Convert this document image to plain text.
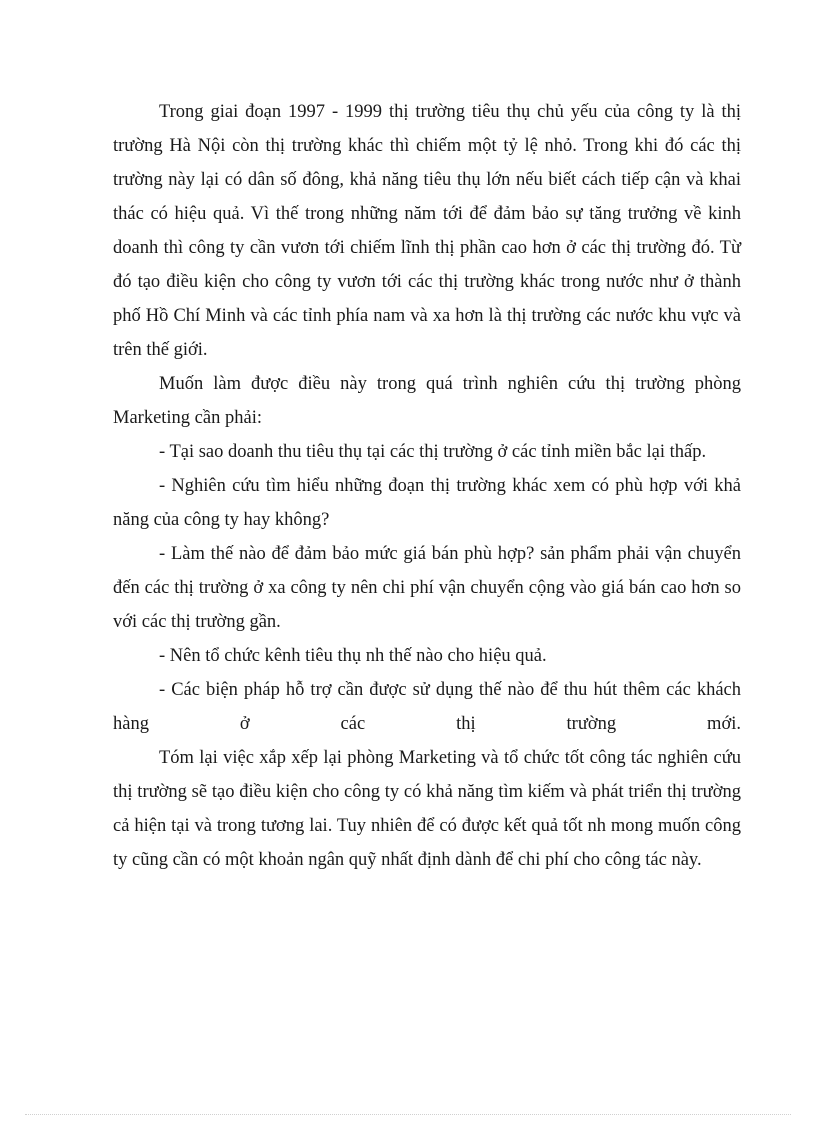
Trong giai đoạn 1997 - 1999 thị trường tiêu thụ chủ yếu của công ty là thị trường Hà Nội còn thị trường khác thì chiếm một tỷ lệ nhỏ. Trong khi đó các thị trường này lại có dân số đông, khả năng tiêu thụ lớn nếu biết cách tiếp cận và khai thác có hiệu quả. Vì thế trong những năm tới để đảm bảo sự tăng trưởng về kinh doanh thì công ty cần vươn tới chiếm lĩnh thị phần cao hơn ở các thị trường đó. Từ đó tạo điều kiện cho công ty vươn tới các thị trường khác trong nước như ở thành phố Hồ Chí Minh và các tỉnh phía nam và xa hơn là thị trường các nước khu vực và trên thế giới.

Muốn làm được điều này trong quá trình nghiên cứu thị trường phòng Marketing cần phải:

- Tại sao doanh thu tiêu thụ tại các thị trường ở các tỉnh miền bắc lại thấp.

- Nghiên cứu tìm hiểu những đoạn thị trường khác xem có phù hợp với khả năng của công ty hay không?

- Làm thế nào để đảm bảo mức giá bán phù hợp? sản phẩm phải vận chuyển đến các thị trường ở xa công ty nên chi phí vận chuyển cộng vào giá bán cao hơn so với các thị trường gần.

- Nên tổ chức kênh tiêu thụ nh thế nào cho hiệu quả.

- Các biện pháp hỗ trợ cần được sử dụng thế nào để thu hút thêm các khách hàng ở các thị trường mới.

Tóm lại việc xắp xếp lại phòng Marketing và tổ chức tốt công tác nghiên cứu thị trường sẽ tạo điều kiện cho công ty có khả năng tìm kiếm và phát triển thị trường cả hiện tại và trong tương lai. Tuy nhiên để có được kết quả tốt nh mong muốn công ty cũng cần có một khoản ngân quỹ nhất định dành để chi phí cho công tác này.
